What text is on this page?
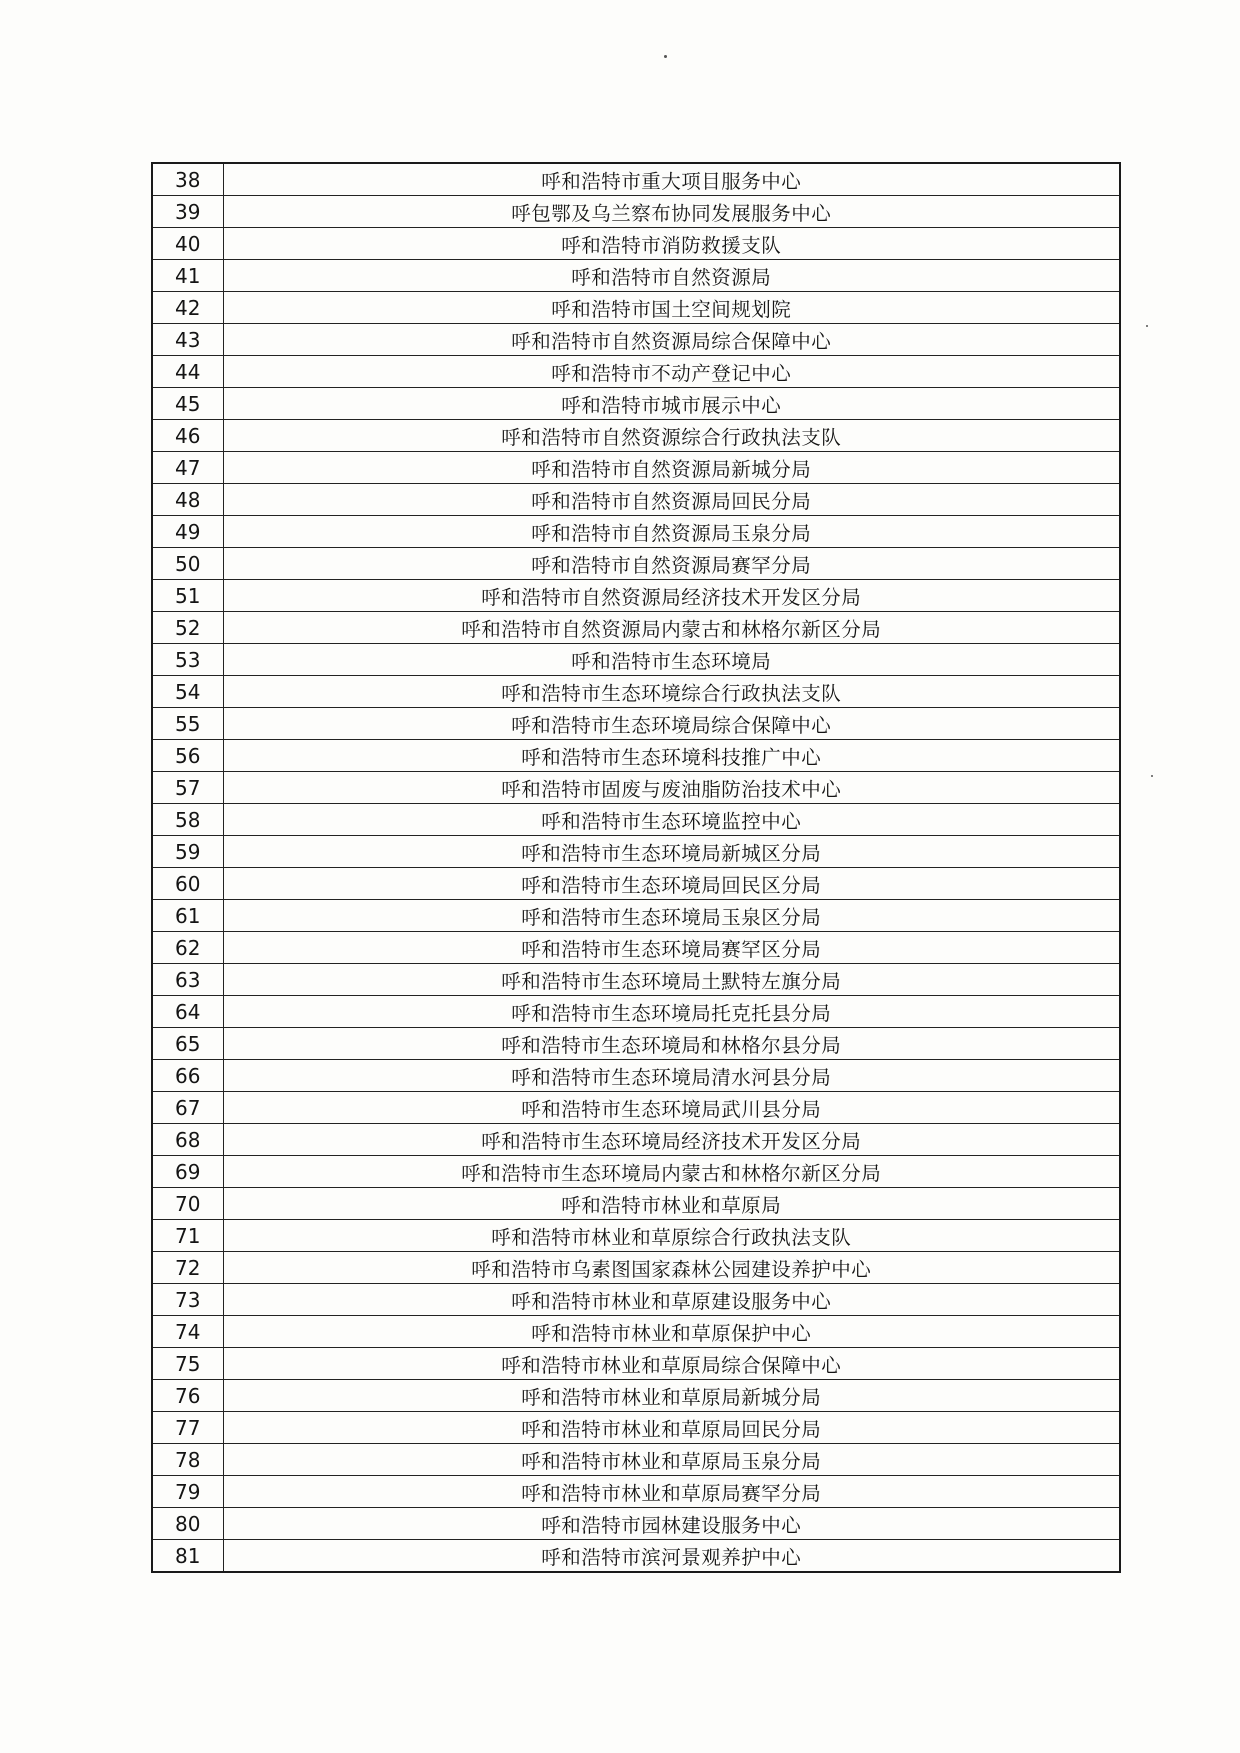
38	呼和浩特市重大项目服务中心
39	呼包鄂及乌兰察布协同发展服务中心
40	呼和浩特市消防救援支队
41	呼和浩特市自然资源局
42	呼和浩特市国土空间规划院
43	呼和浩特市自然资源局综合保障中心
44	呼和浩特市不动产登记中心
45	呼和浩特市城市展示中心
46	呼和浩特市自然资源综合行政执法支队
47	呼和浩特市自然资源局新城分局
48	呼和浩特市自然资源局回民分局
49	呼和浩特市自然资源局玉泉分局
50	呼和浩特市自然资源局赛罕分局
51	呼和浩特市自然资源局经济技术开发区分局
52	呼和浩特市自然资源局内蒙古和林格尔新区分局
53	呼和浩特市生态环境局
54	呼和浩特市生态环境综合行政执法支队
55	呼和浩特市生态环境局综合保障中心
56	呼和浩特市生态环境科技推广中心
57	呼和浩特市固废与废油脂防治技术中心
58	呼和浩特市生态环境监控中心
59	呼和浩特市生态环境局新城区分局
60	呼和浩特市生态环境局回民区分局
61	呼和浩特市生态环境局玉泉区分局
62	呼和浩特市生态环境局赛罕区分局
63	呼和浩特市生态环境局土默特左旗分局
64	呼和浩特市生态环境局托克托县分局
65	呼和浩特市生态环境局和林格尔县分局
66	呼和浩特市生态环境局清水河县分局
67	呼和浩特市生态环境局武川县分局
68	呼和浩特市生态环境局经济技术开发区分局
69	呼和浩特市生态环境局内蒙古和林格尔新区分局
70	呼和浩特市林业和草原局
71	呼和浩特市林业和草原综合行政执法支队
72	呼和浩特市乌素图国家森林公园建设养护中心
73	呼和浩特市林业和草原建设服务中心
74	呼和浩特市林业和草原保护中心
75	呼和浩特市林业和草原局综合保障中心
76	呼和浩特市林业和草原局新城分局
77	呼和浩特市林业和草原局回民分局
78	呼和浩特市林业和草原局玉泉分局
79	呼和浩特市林业和草原局赛罕分局
80	呼和浩特市园林建设服务中心
81	呼和浩特市滨河景观养护中心
